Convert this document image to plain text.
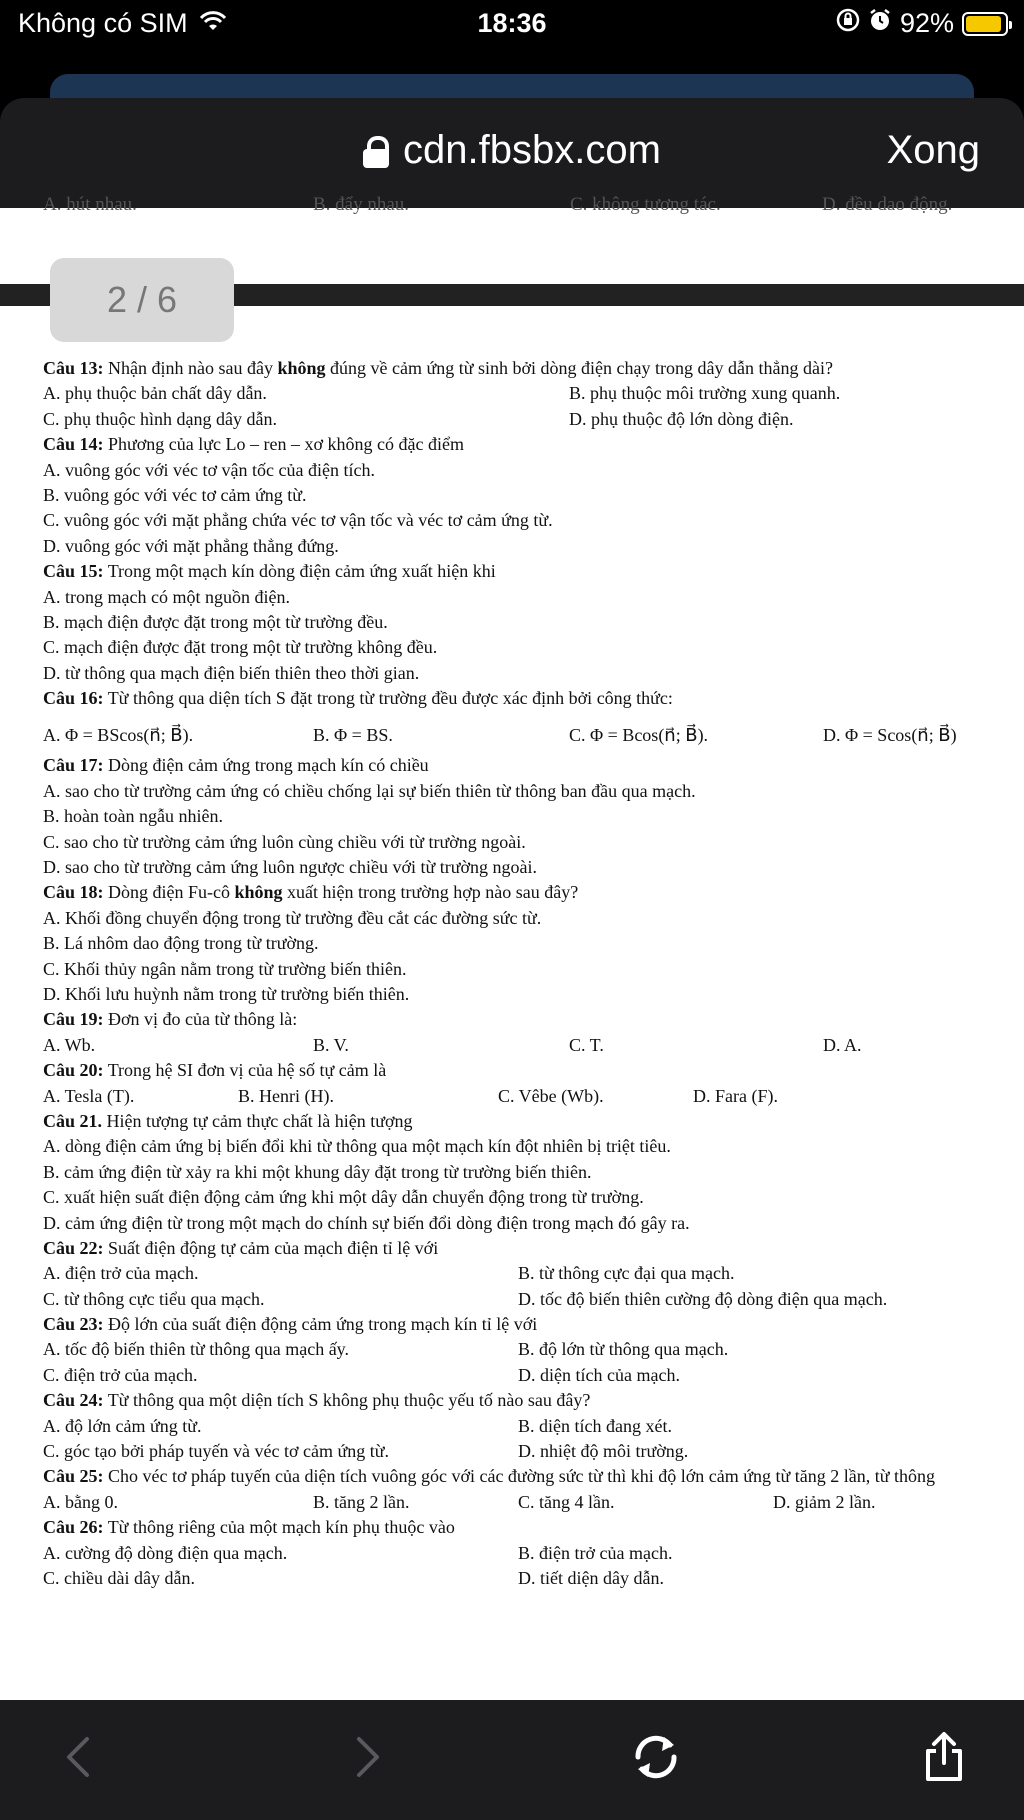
Không có SIM	18:36	92%
cdn.fbsbx.com	Xong
A. hút nhau.	B. đẩy nhau.	C. không tương tác.	D. đều dao động.
2 / 6
Câu 13: Nhận định nào sau đây không đúng về cảm ứng từ sinh bởi dòng điện chạy trong dây dẫn thẳng dài?
A. phụ thuộc bản chất dây dẫn.	B. phụ thuộc môi trường xung quanh.
C. phụ thuộc hình dạng dây dẫn.	D. phụ thuộc độ lớn dòng điện.
Câu 14: Phương của lực Lo – ren – xơ không có đặc điểm
A. vuông góc với véc tơ vận tốc của điện tích.
B. vuông góc với véc tơ cảm ứng từ.
C. vuông góc với mặt phẳng chứa véc tơ vận tốc và véc tơ cảm ứng từ.
D. vuông góc với mặt phẳng thẳng đứng.
Câu 15: Trong một mạch kín dòng điện cảm ứng xuất hiện khi
A. trong mạch có một nguồn điện.
B. mạch điện được đặt trong một từ trường đều.
C. mạch điện được đặt trong một từ trường không đều.
D. từ thông qua mạch điện biến thiên theo thời gian.
Câu 16: Từ thông qua diện tích S đặt trong từ trường đều được xác định bởi công thức:
A. Φ = BScos(n⃗; B⃗).	B. Φ = BS.	C. Φ = Bcos(n⃗; B⃗).	D. Φ = Scos(n⃗; B⃗)
Câu 17: Dòng điện cảm ứng trong mạch kín có chiều
A. sao cho từ trường cảm ứng có chiều chống lại sự biến thiên từ thông ban đầu qua mạch.
B. hoàn toàn ngẫu nhiên.
C. sao cho từ trường cảm ứng luôn cùng chiều với từ trường ngoài.
D. sao cho từ trường cảm ứng luôn ngược chiều với từ trường ngoài.
Câu 18: Dòng điện Fu-cô không xuất hiện trong trường hợp nào sau đây?
A. Khối đồng chuyển động trong từ trường đều cắt các đường sức từ.
B. Lá nhôm dao động trong từ trường.
C. Khối thủy ngân nằm trong từ trường biến thiên.
D. Khối lưu huỳnh nằm trong từ trường biến thiên.
Câu 19: Đơn vị đo của từ thông là:
A. Wb.	B. V.	C. T.	D. A.
Câu 20: Trong hệ SI đơn vị của hệ số tự cảm là
A. Tesla (T).	B. Henri (H).	C. Vêbe (Wb).	D. Fara (F).
Câu 21. Hiện tượng tự cảm thực chất là hiện tượng
A. dòng điện cảm ứng bị biến đổi khi từ thông qua một mạch kín đột nhiên bị triệt tiêu.
B. cảm ứng điện từ xảy ra khi một khung dây đặt trong từ trường biến thiên.
C. xuất hiện suất điện động cảm ứng khi một dây dẫn chuyển động trong từ trường.
D. cảm ứng điện từ trong một mạch do chính sự biến đổi dòng điện trong mạch đó gây ra.
Câu 22: Suất điện động tự cảm của mạch điện tỉ lệ với
A. điện trở của mạch.	B. từ thông cực đại qua mạch.
C. từ thông cực tiểu qua mạch.	D. tốc độ biến thiên cường độ dòng điện qua mạch.
Câu 23: Độ lớn của suất điện động cảm ứng trong mạch kín tỉ lệ với
A. tốc độ biến thiên từ thông qua mạch ấy.	B. độ lớn từ thông qua mạch.
C. điện trở của mạch.	D. diện tích của mạch.
Câu 24: Từ thông qua một diện tích S không phụ thuộc yếu tố nào sau đây?
A. độ lớn cảm ứng từ.	B. diện tích đang xét.
C. góc tạo bởi pháp tuyến và véc tơ cảm ứng từ.	D. nhiệt độ môi trường.
Câu 25: Cho véc tơ pháp tuyến của diện tích vuông góc với các đường sức từ thì khi độ lớn cảm ứng từ tăng 2 lần, từ thông
A. bằng 0.	B. tăng 2 lần.	C. tăng 4 lần.	D. giảm 2 lần.
Câu 26: Từ thông riêng của một mạch kín phụ thuộc vào
A. cường độ dòng điện qua mạch.	B. điện trở của mạch.
C. chiều dài dây dẫn.	D. tiết diện dây dẫn.
